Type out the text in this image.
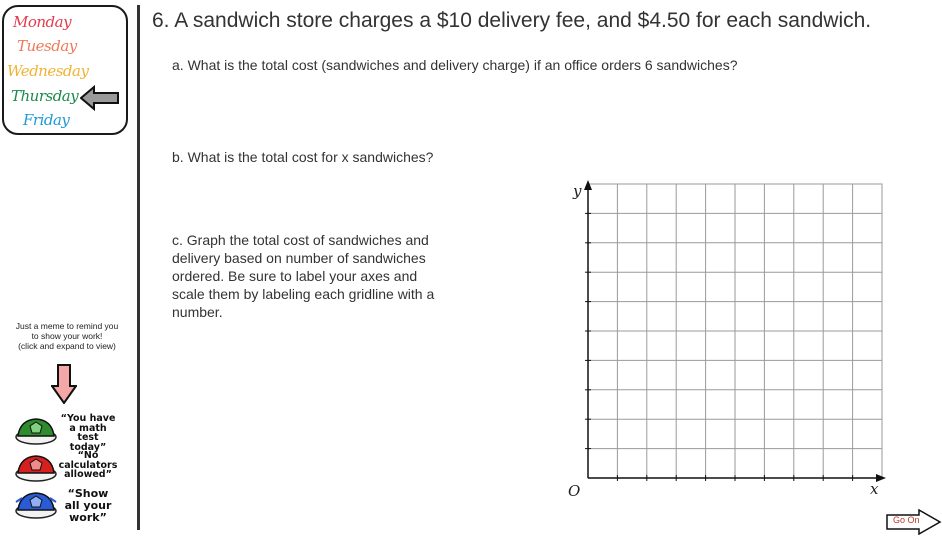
Monday
Tuesday
Wednesday
Thursday
Friday
Just a meme to remind you
to show your work!
(click and expand to view)
“You have
a math
test today”
“No
calculators
allowed”
“Show
all your
work”
6. A sandwich store charges a $10 delivery fee, and $4.50 for each sandwich.
a. What is the total cost (sandwiches and delivery charge) if an office orders 6 sandwiches?
b. What is the total cost for x sandwiches?
c. Graph the total cost of sandwiches and delivery based on number of sandwiches ordered. Be sure to label your axes and scale them by labeling each gridline with a number.
y
x
O
Go On
